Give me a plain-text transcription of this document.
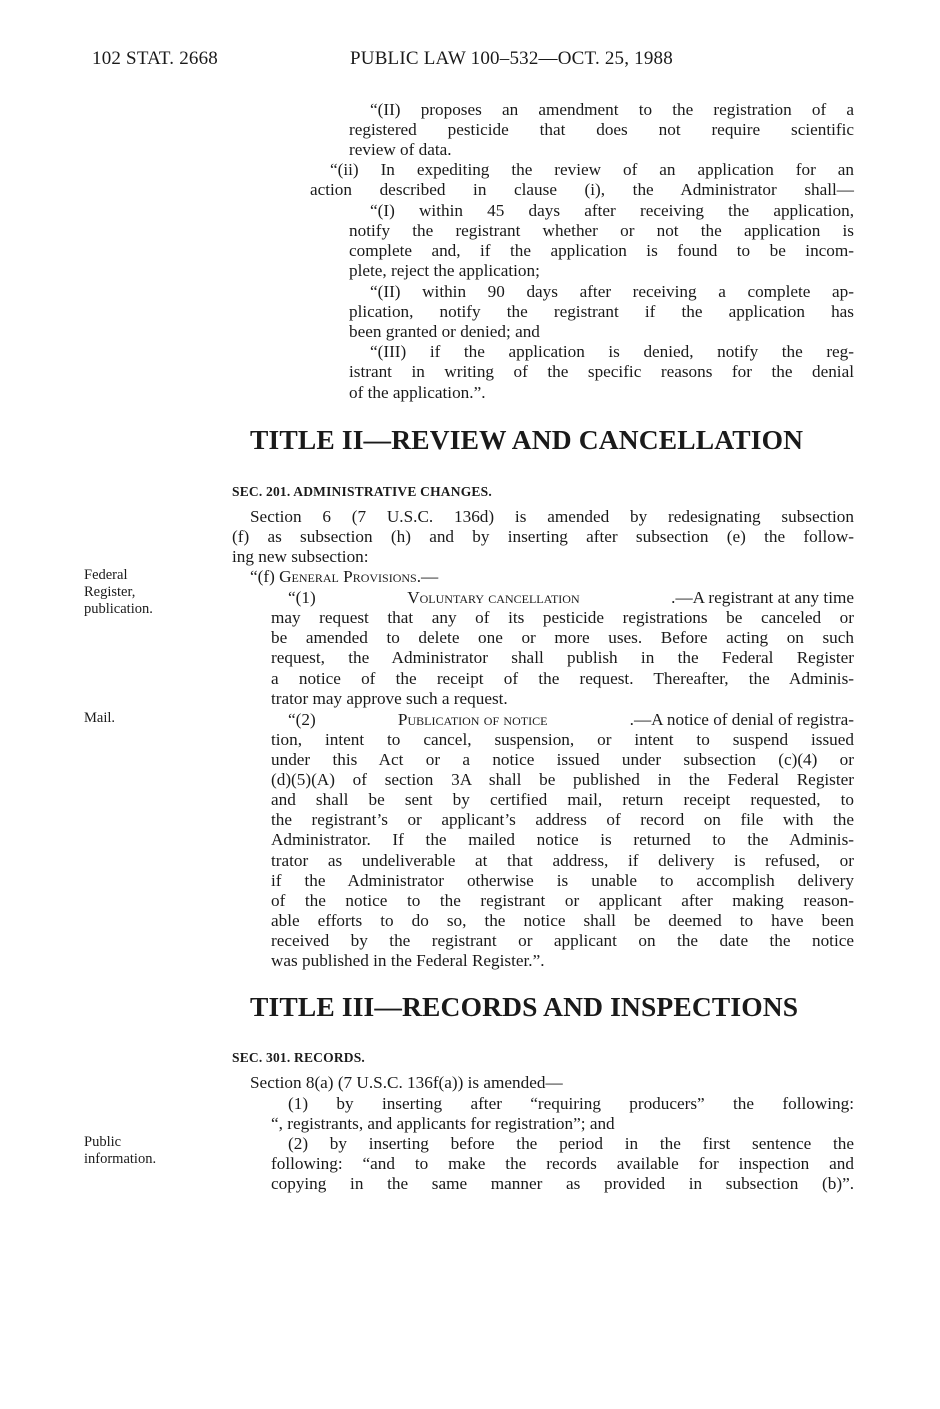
102 STAT. 2668	PUBLIC LAW 100–532—OCT. 25, 1988
“(II) proposes an amendment to the registration of a
registered pesticide that does not require scientific
review of data.
“(ii) In expediting the review of an application for an
action described in clause (i), the Administrator shall—
“(I) within 45 days after receiving the application,
notify the registrant whether or not the application is
complete and, if the application is found to be incom-
plete, reject the application;
“(II) within 90 days after receiving a complete ap-
plication, notify the registrant if the application has
been granted or denied; and
“(III) if the application is denied, notify the reg-
istrant in writing of the specific reasons for the denial
of the application.”.
TITLE II—REVIEW AND CANCELLATION
SEC. 201. ADMINISTRATIVE CHANGES.
Section 6 (7 U.S.C. 136d) is amended by redesignating subsection
(f) as subsection (h) and by inserting after subsection (e) the follow-
ing new subsection:
Federal
Register,
publication.
“(f) General Provisions.—
“(1)	Voluntary cancellation	.—A registrant at any time
may request that any of its pesticide registrations be canceled or
be amended to delete one or more uses. Before acting on such
request, the Administrator shall publish in the Federal Register
a notice of the receipt of the request. Thereafter, the Adminis-
trator may approve such a request.
Mail.	“(2)	Publication of notice	.—A notice of denial of registra-
tion, intent to cancel, suspension, or intent to suspend issued
under this Act or a notice issued under subsection (c)(4) or
(d)(5)(A) of section 3A shall be published in the Federal Register
and shall be sent by certified mail, return receipt requested, to
the registrant’s or applicant’s address of record on file with the
Administrator. If the mailed notice is returned to the Adminis-
trator as undeliverable at that address, if delivery is refused, or
if the Administrator otherwise is unable to accomplish delivery
of the notice to the registrant or applicant after making reason-
able efforts to do so, the notice shall be deemed to have been
received by the registrant or applicant on the date the notice
was published in the Federal Register.”.
TITLE III—RECORDS AND INSPECTIONS
SEC. 301. RECORDS.
Section 8(a) (7 U.S.C. 136f(a)) is amended—
(1) by inserting after “requiring producers” the following:
“, registrants, and applicants for registration”; and
Public
information.
(2) by inserting before the period in the first sentence the
following: “and to make the records available for inspection and
copying in the same manner as provided in subsection (b)”.
